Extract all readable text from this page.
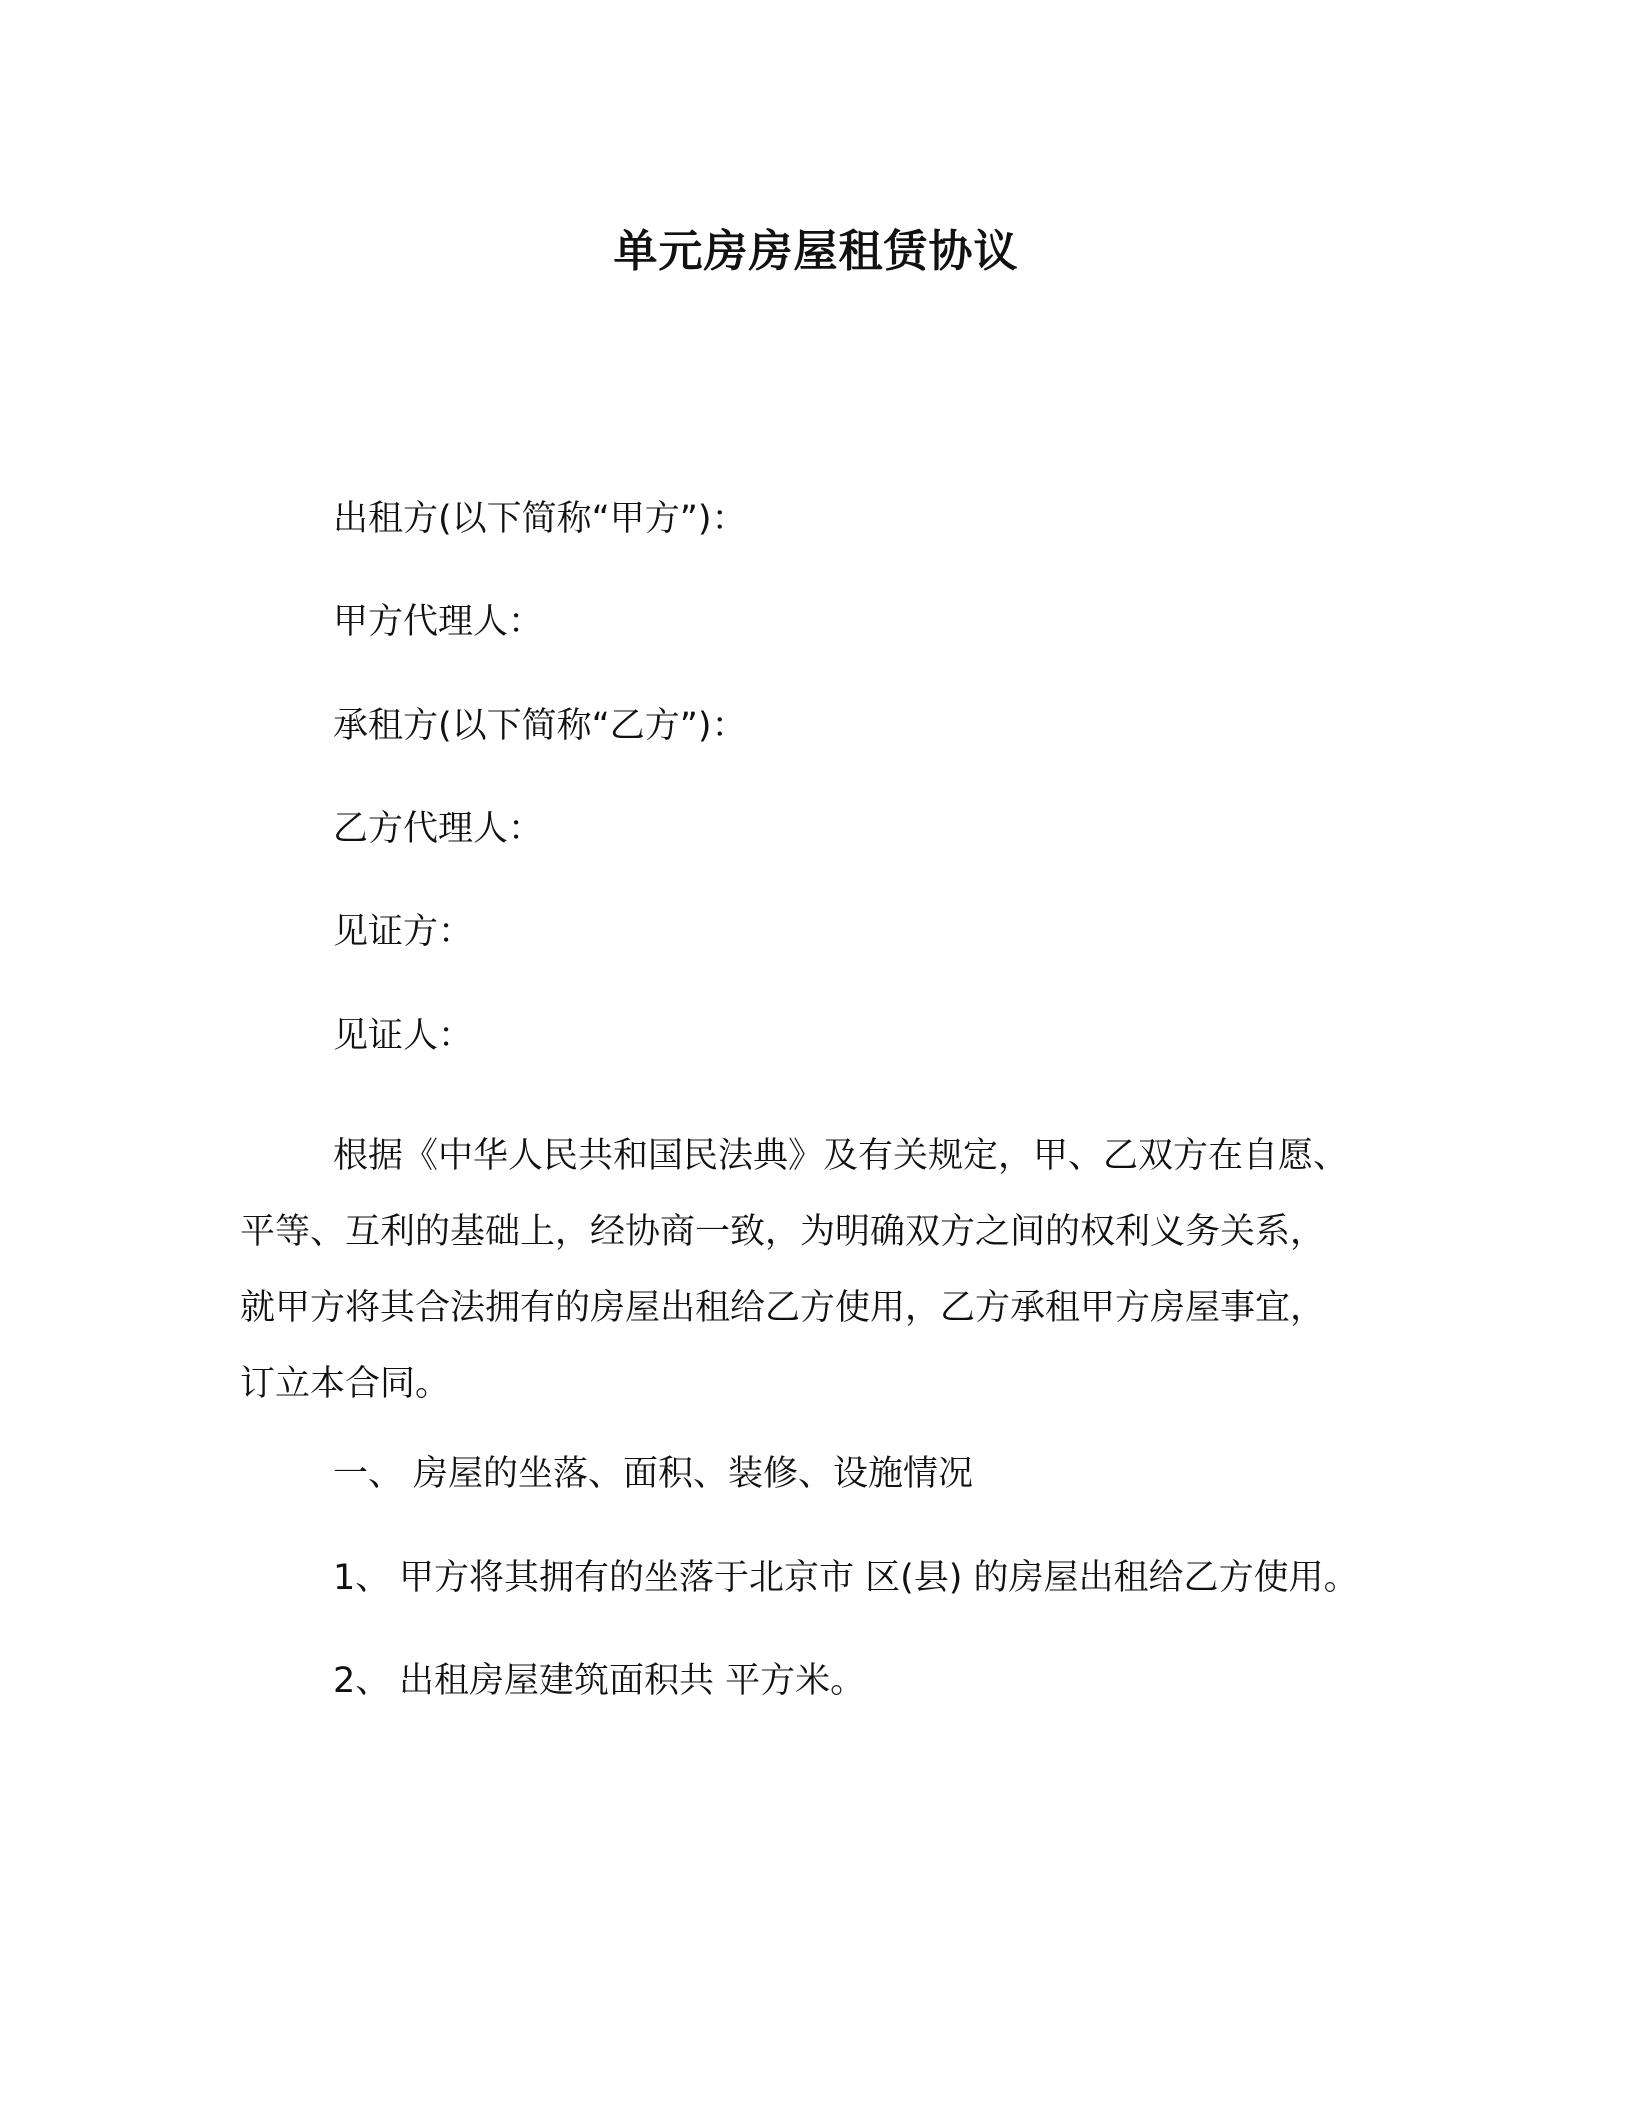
单元房房屋租赁协议

出租方(以下简称“甲方”)：

甲方代理人：

承租方(以下简称“乙方”)：

乙方代理人：

见证方：

见证人：

根据《中华人民共和国民法典》及有关规定，甲、乙双方在自愿、
平等、互利的基础上，经协商一致，为明确双方之间的权利义务关系，
就甲方将其合法拥有的房屋出租给乙方使用，乙方承租甲方房屋事宜，
订立本合同。

一、 房屋的坐落、面积、装修、设施情况

1、 甲方将其拥有的坐落于北京市 区(县) 的房屋出租给乙方使用。

2、 出租房屋建筑面积共 平方米。
